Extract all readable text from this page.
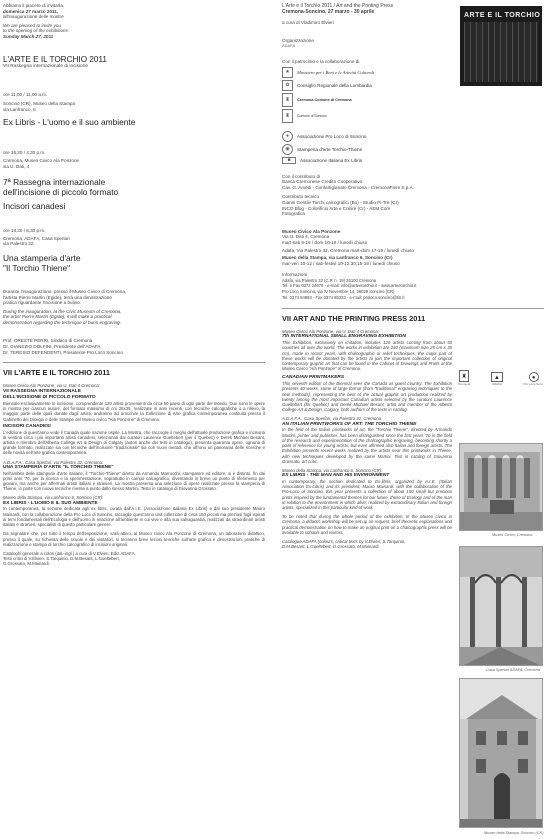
Abbiamo il piacere di invitarla,
domenica 27 marzo 2011,
all'inaugurazione delle mostre
We are pleased to invite you
to the opening of the exhibitions
Sunday March 27, 2011
L'ARTE E IL TORCHIO 2011
VII Rassegna internazionale di incisione
ore 11,00 / 11,00 a.m.
Soncino (CR), Museo della Stampa
via Lanfranco, 6
Ex Libris - L'uomo e il suo ambiente
ore 16,30 / 4,30 p.m.
Cremona, Museo Civico Ala Ponzone
via U. Dati, 4
7ª Rassegna internazionale
dell'incisione di piccolo formato
Incisori canadesi
ore 18,30 / 6,30 p.m.
Cremona, ADAFA, Casa Sperlari
via Palestro 32
Una stamperia d'arte
"Il Torchio Thiene"
Durante l'inaugurazione, presso il Museo Civico di Cremona,
l'artista Pierre Martin (Egide), terrà una dimostrazione
pratica riguardante l'incisione a bulino.
During the inauguration, at the Civic Museum of Cremona,
the artist Pierre Martin (Egide), it will make a practical
demonstration regarding the technique of burin engraving.
Prof. ORESTE PERRI, Sindaco di Cremona
Dr. GIANEZIO DOLFINI, Presidente dell'ADAFA
Dr. TERESIO DEFENDENTI, Presidente Pro Loco Soncino
VII L'ARTE E IL TORCHIO 2011
Museo Civico Ala Ponzone, via U. Dati 4 Cremona:
VII RASSEGNA INTERNAZIONALE
DELL'INCISIONE DI PICCOLO FORMATO
Biennale esclusivamente in incisione, comprendente 120 artisti provenienti da circa 50 paesi di ogni parte del mondo. Due sono le opere in mostra per ciascun autore, del formato massimo di cm 25x35, realizzate in anni recenti, con tecniche calcografiche o a rilievo, la maggior parte delle quali donate dagli artisti, andranno ad arricchire la Collezione di Arte grafica contemporanea costituita presso il Gabinetto dei Disegni e delle Stampe del Museo civico "Ala Ponzone" di Cremona.
INCISORI CANADESI
L'edizione di quest'anno vede il Canada quale nazione ospite. La Mostra, che raccoglie il meglio dell'attuale produzione grafica e incisoria di ventina circa i più importanti artisti canadesi, selezionati dai curatori Laurence Gueltebert (per il Quebec) e Derek Michael Besant, artista e membro dell'Alberta College Art & Design di Calgary (autori anche dei testi in catalogo), presenta quaranta opere, ognuna di grande formato, realizzate sia con tecniche dell'incisione "tradizionale" sia con nuovi metodi, che offrono un panorama delle ricerche e delle novità nell'arte grafica contemporanea.
A.D.A.F.A., Casa Sperlari, via Palestro 32, Cremona:
UNA STAMPERIA D'ARTE "IL TORCHIO THIENE"
Nell'ambito delle stamperie d'arte italiane, il "Torchio-Thiene" diretto da Armando Marrocchi, stampatore ed editore, si è distinto, fin dai primi anni '70, per la ricerca e la sperimentazione, soprattutto in campo calcografico, diventando in breve un punto di riferimento per giovani, ma anche per affermati artisti italiani e stranieri. La mostra presenta una selezione di opere realizzate presso la stamperia di Thiene, in parte con nuove tecniche messe a punto dallo stesso Martini. Testo in catalogo di Giovanna Grossato.
Museo della Stampa, via Lanfranco 6, Soncino (CR):
EX LIBRIS - L'UOMO E IL SUO AMBIENTE
In contemporanea, la sezione dedicata agli ex libris, curata dall'A.I.E. (Associazione Italiana Ex Libris) e dal suo presidente Mauro Mainardi, con la collaborazione della Pro Loco di Soncino, raccoglie quest'anno una collezione di circa 150 piccoli ma preziosi fogli ispirati ai temi fondamentali dell'Ecologia e dell'uomo in relazione all'ambiente in cui vive e alla sua salvaguardia, realizzati da straordinari artisti italiani e stranieri, specialisti di questo particolare genere.
Da segnalare che, per tutto il tempo dell'esposizione, sarà attivo, al Museo civico Ala Ponzone di Cremona, un laboratorio didattico, presso il quale, su richiesta delle scuole e dei visitatori, si terranno brevi lezioni teoriche sull'arte grafica e dimostrazioni pratiche di realizzazione e stampa di torchio calcografico di incisioni originali.
Cataloghi generale a colori (ital.-ingl.) a cura di V.Elvieri, Ediz.ADAFA.
Testi critici di V.Elvieri, S.Tarquinio, D.M.Besant, L.Gueltebert,
G.Grossato, M.Mainardi.
L'Arte e il Torchio 2011 / Art and the Printing Press
Cremona-Soncino, 27 marzo - 30 aprile
a cura di Vladimiro Elvieri
Organizzazione
ADAFA
Con il patrocinio e la collaborazione di
★	Ministero per i Beni e le Attività Culturali
✿	Consiglio Regionale della Lombardia
♜	Cremona Comune di Cremona
♜	Comune di Soncino
●	Associazione Pro Loco di Soncino
◉	Stamperia d'arte Torchio-Thiene
■	Associazione Italiana Ex Libris
Con il contributo di
Banca Cremonese Credito Cooperativo
Cav. G. Arvedi - Confartigianato Cremona - CremonaFiere S.p.A.
Contributo tecnico
Gianni Gentile Torchi calcografici (Bo) - Studio Pi-Tre (Cr)
INCO Blog - Colorificio Arte e Colore (Cr) - AEM Com
Fotografica
Museo Civico Ala Ponzone
Via U. Dati 4, Cremona
mart-sab 9-18 / dom 10-18 / lunedì chiuso
Adafa, Via Palestro 32, Cremona mart-dom 17-19 / lunedì chiuso
Museo della Stampa, via Lanfranco 6, Soncino (Cr)
mar-ven 10-12 / sab-festivi 10-12,30;15-19 / lunedì chiuso
Informazioni
Adafa, via Palestro 32 (C.P. n. 19) 26100 Cremona
Tel. e Fax 0372 24676 - e-mail: info@arteetorchio.it - www.arteetorchio.it
Pro Loco Soncino, via IV Novembre 14, 26029 Soncino (CR)
Tel. 0374 84883 - Fax 0374 85333 - e-mail: proloco.soncino@tin.it
VII ART AND THE PRINTING PRESS 2011
Museo Civico Ala Ponzone, via U. Dati 4 Cremona:
7th INTERNATIONAL SMALL ENGRAVING EXHIBITION
This Exhibition, exclusively on imitation, includes 120 artists coming from about 50 countries all over the world. The works in exhibition are 240 (maximum size 25 cm x 35 cm), made in recent years, with chalcographic or relief techniques, the major part of these works will be donated by the artists to join the important collection of original contemporary graphic art that can be found in the Cabinet of Drawings and Prints at the Museo Civico "Ala Ponzone" of Cremona.
CANADIAN PRINTMAKERS
This seventh edition of the Biennial sees the Canada as guest country. The Exhibition presents 40 works, some of large format (from "traditional" engraving techniques to the new methods), representing the best of the actual graphic art production realized by twenty among the most important Canadian artists selected by the curators Laurence Gueltebert (for Quebec) and Derek Michael Besant, artist and member of the Alberta College Art & Design, Calgary, both authors of the texts in catalog.
A.D.A.F.A., Casa Sperlari, via Palestro 32, Cremona:
AN ITALIAN PRINTWORKS OF ART: THE TORCHIO THIENE
In the field of the Italian printworks of art, the "Torchio Thiene", directed by Armando Martini, printer and publisher, has been distinguished since the first years '70 in the field of the research and experimentation of the chalcographic engraving, becoming shortly a point of reference for young artists, but even affirmed also Italian and foreign artists. The Exhibition presents recent works realized by the artists near this printworks in Thiene, with new techniques developed by the same Martini. Text in catalog of Giovanna Grossato, art critic.
Museo della Stampa, via Lanfranco 6, Soncino (CR):
EX LIBRIS - THE MAN AND HIS ENVIRONMENT
In contemporary, the section dedicated to Ex-libris, organized by A.I.E. (Italian Association Ex-Libris) and its president, Mauro Mainardi, with the collaboration of the Pro-Loco of Soncino, this year presents a collection of about 150 small but precious prints inspired by the fundamental themes for our future, those of Ecology and of the man in relation to the environment in which alive; realized by extraordinary Italian and foreign artists, specialized in this particular kind of work.
To be noted that during the whole period of the exhibition, in the Museo civico in Cremona, a didactic workshop will be set up on request, brief theoretic explanations and practical demonstration on how to make an original print on a chalcographic press will be available to schools and visitors.
Catalogue ADAFA (colours, critical texts by V.Elvieri, S.Tarquinio,
D.M.Besant, L.Gueltebert, G.Grossato, M.Mainardi.
ARTE E IL TORCHIO
♜
Cremona
▲
ADAFA
●
Pro Loco Sonc.
Museo Civico, Cremona
Casa Sperlari ADAFA, Cremona
Museo della Stampa, Soncino (CR)
